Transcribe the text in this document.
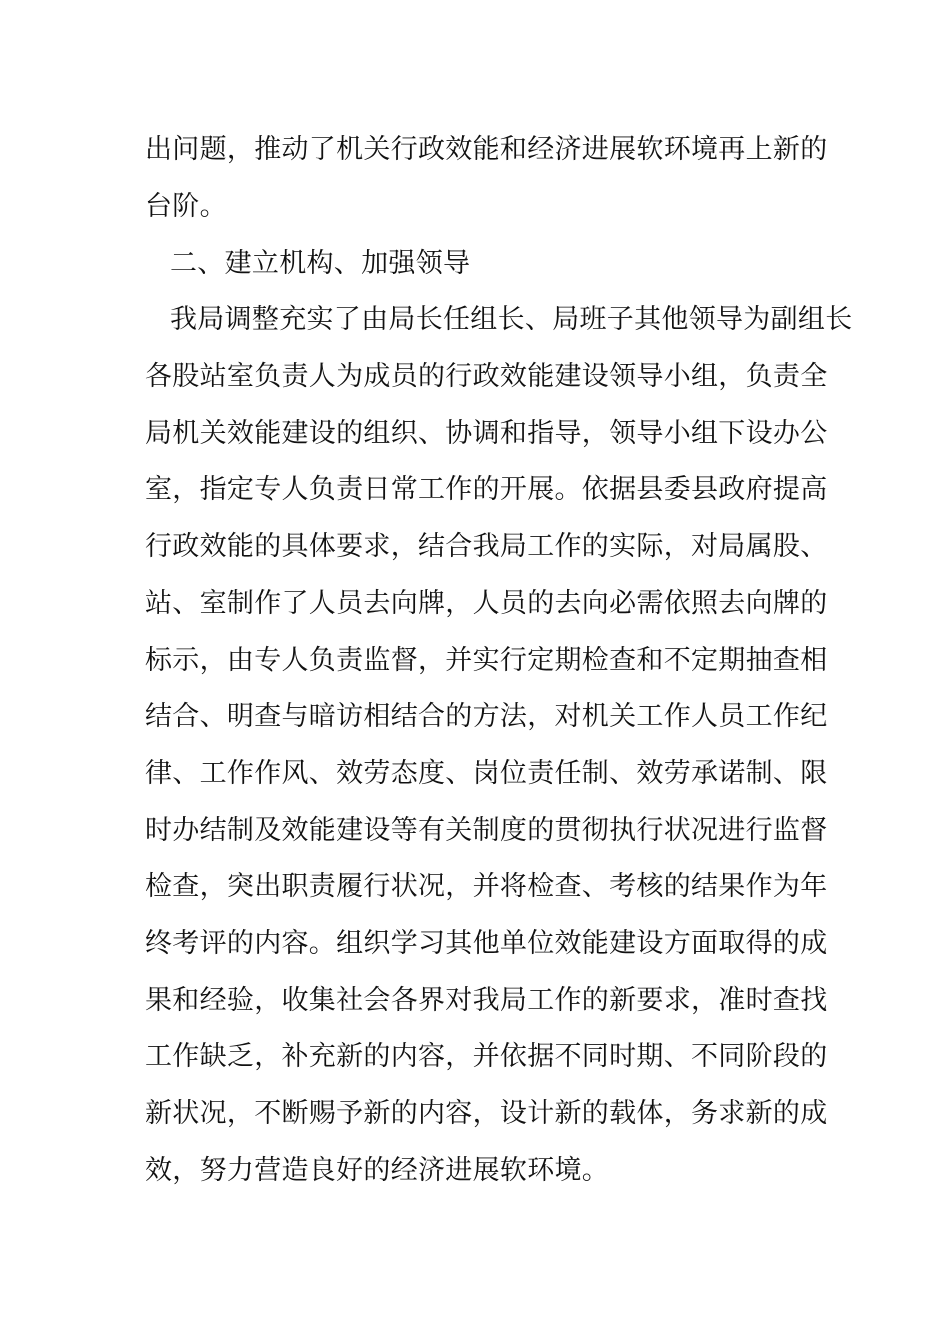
出问题，推动了机关行政效能和经济进展软环境再上新的
台阶。
二、建立机构、加强领导
我局调整充实了由局长任组长、局班子其他领导为副组长
各股站室负责人为成员的行政效能建设领导小组，负责全
局机关效能建设的组织、协调和指导，领导小组下设办公
室，指定专人负责日常工作的开展。依据县委县政府提高
行政效能的具体要求，结合我局工作的实际，对局属股、
站、室制作了人员去向牌，人员的去向必需依照去向牌的
标示，由专人负责监督，并实行定期检查和不定期抽查相
结合、明查与暗访相结合的方法，对机关工作人员工作纪
律、工作作风、效劳态度、岗位责任制、效劳承诺制、限
时办结制及效能建设等有关制度的贯彻执行状况进行监督
检查，突出职责履行状况，并将检查、考核的结果作为年
终考评的内容。组织学习其他单位效能建设方面取得的成
果和经验，收集社会各界对我局工作的新要求，准时查找
工作缺乏，补充新的内容，并依据不同时期、不同阶段的
新状况，不断赐予新的内容，设计新的载体，务求新的成
效，努力营造良好的经济进展软环境。
